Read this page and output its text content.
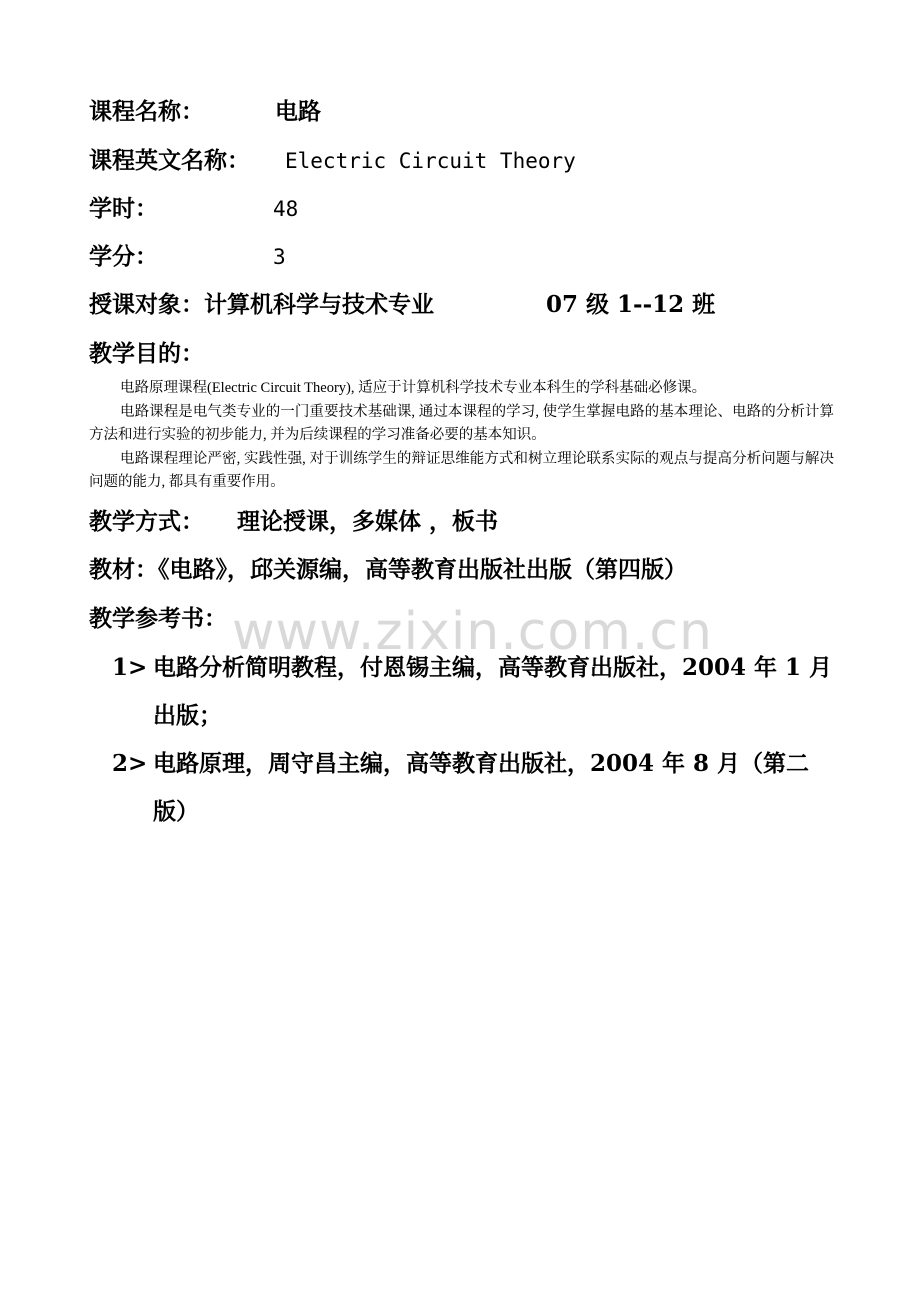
课程名称：	电路
课程英文名称： Electric Circuit Theory
学时：	48
学分：	3
授课对象：计算机科学与技术专业	07 级 1--12 班
教学目的：

电路原理课程(Electric Circuit Theory), 适应于计算机科学技术专业本科生的学科基础必修课。

电路课程是电气类专业的一门重要技术基础课, 通过本课程的学习, 使学生掌握电路的基本理论、电路的分析计算方法和进行实验的初步能力, 并为后续课程的学习准备必要的基本知识。

电路课程理论严密, 实践性强, 对于训练学生的辩证思维能方式和树立理论联系实际的观点与提高分析问题与解决问题的能力, 都具有重要作用。

教学方式： 理论授课，多媒体 ，板书
教材：《电路》，邱关源编，高等教育出版社出版（第四版）
教学参考书：
1> 电路分析简明教程，付恩锡主编，高等教育出版社，2004 年 1 月出版；
2> 电路原理，周守昌主编，高等教育出版社，2004 年 8 月（第二版）
www.zixin.com.cn
